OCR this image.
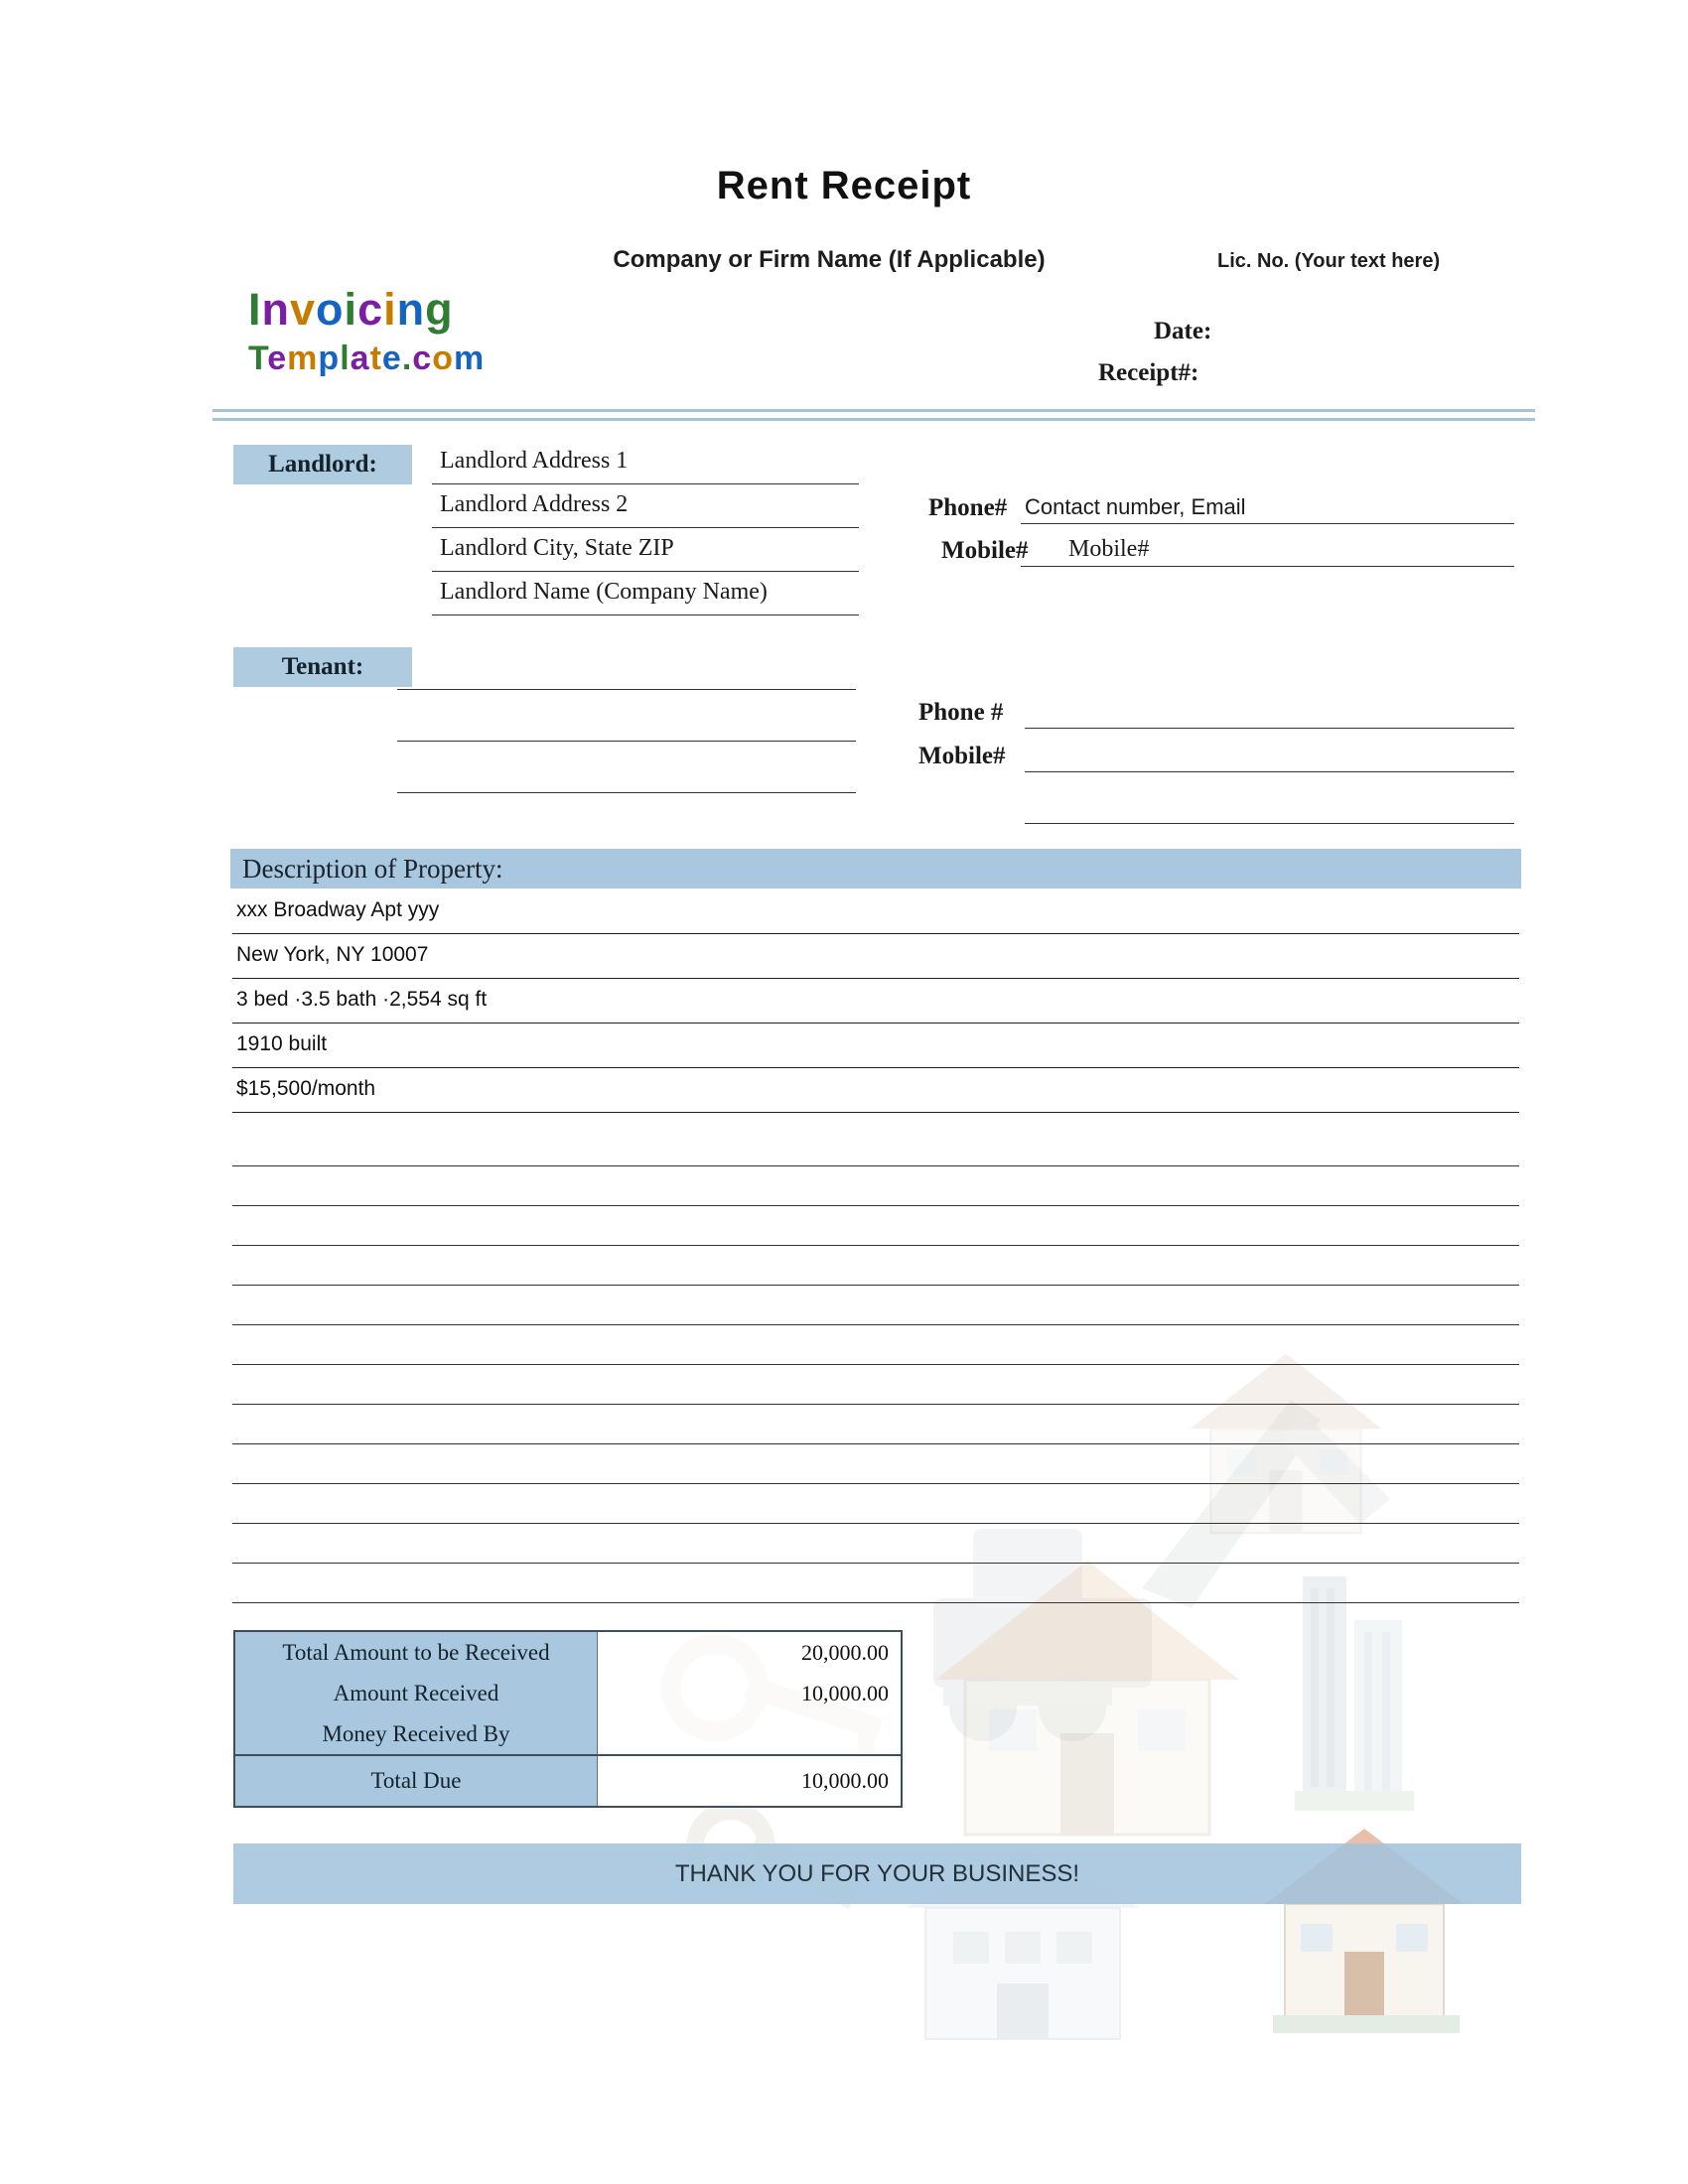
Rent Receipt
Company or Firm Name (If Applicable)	Lic. No. (Your text here)
Invoicing
Template.com
Date:
Receipt#:
Landlord:	Landlord Address 1
Landlord Address 2
Landlord City, State ZIP
Landlord Name (Company Name)
Phone# Contact number, Email
Mobile#	Mobile#
Tenant:
Phone #
Mobile#
Description of Property:
xxx Broadway Apt yyy
New York, NY 10007
3 bed ·3.5 bath ·2,554 sq ft
1910 built
$15,500/month
Total Amount to be Received	20,000.00
Amount Received	10,000.00
Money Received By
Total Due	10,000.00
THANK YOU FOR YOUR BUSINESS!
